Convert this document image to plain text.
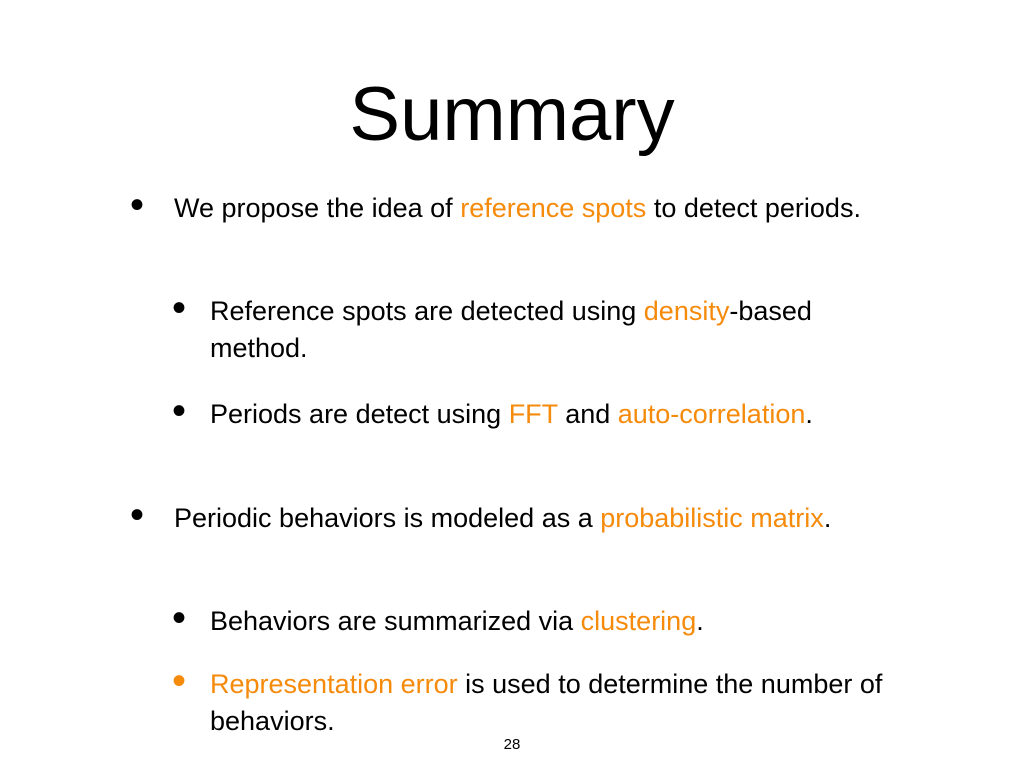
Summary
• We propose the idea of reference spots to detect periods.
• Reference spots are detected using density-based method.
• Periods are detect using FFT and auto-correlation.
• Periodic behaviors is modeled as a probabilistic matrix.
• Behaviors are summarized via clustering.
• Representation error is used to determine the number of behaviors.
28
